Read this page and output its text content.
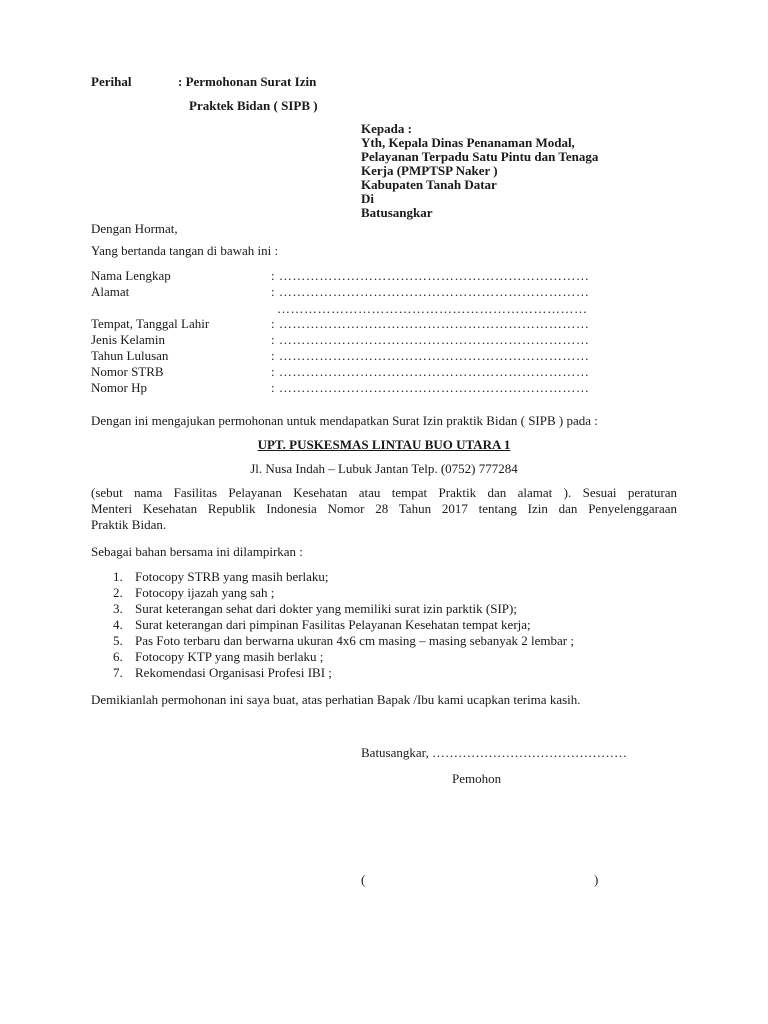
Perihal	: Permohonan Surat Izin
Praktek Bidan ( SIPB )
Kepada :
Yth, Kepala Dinas Penanaman Modal,
Pelayanan Terpadu Satu Pintu dan Tenaga
Kerja (PMPTSP Naker )
Kabupaten Tanah Datar
Di
Batusangkar
Dengan Hormat,
Yang bertanda tangan di bawah ini :
Nama Lengkap	: ……………………………………………………………
Alamat	: ……………………………………………………………
……………………………………………………………
Tempat, Tanggal Lahir	: ……………………………………………………………
Jenis Kelamin	: ……………………………………………………………
Tahun Lulusan	: ……………………………………………………………
Nomor STRB	: ……………………………………………………………
Nomor Hp	: ……………………………………………………………
Dengan ini mengajukan permohonan untuk mendapatkan Surat Izin praktik Bidan ( SIPB ) pada :
UPT. PUSKESMAS LINTAU BUO UTARA 1
Jl. Nusa Indah – Lubuk Jantan Telp. (0752) 777284
(sebut nama Fasilitas Pelayanan Kesehatan atau tempat Praktik dan alamat ). Sesuai peraturan
Menteri Kesehatan Republik Indonesia Nomor 28 Tahun 2017 tentang Izin dan Penyelenggaraan
Praktik Bidan.
Sebagai bahan bersama ini dilampirkan :
1. Fotocopy STRB yang masih berlaku;
2. Fotocopy ijazah yang sah ;
3. Surat keterangan sehat dari dokter yang memiliki surat izin parktik (SIP);
4. Surat keterangan dari pimpinan Fasilitas Pelayanan Kesehatan tempat kerja;
5. Pas Foto terbaru dan berwarna ukuran 4x6 cm masing – masing sebanyak 2 lembar ;
6. Fotocopy KTP yang masih berlaku ;
7. Rekomendasi Organisasi Profesi IBI ;
Demikianlah permohonan ini saya buat, atas perhatian Bapak /Ibu kami ucapkan terima kasih.
Batusangkar, ………………………………………
Pemohon
(	)
